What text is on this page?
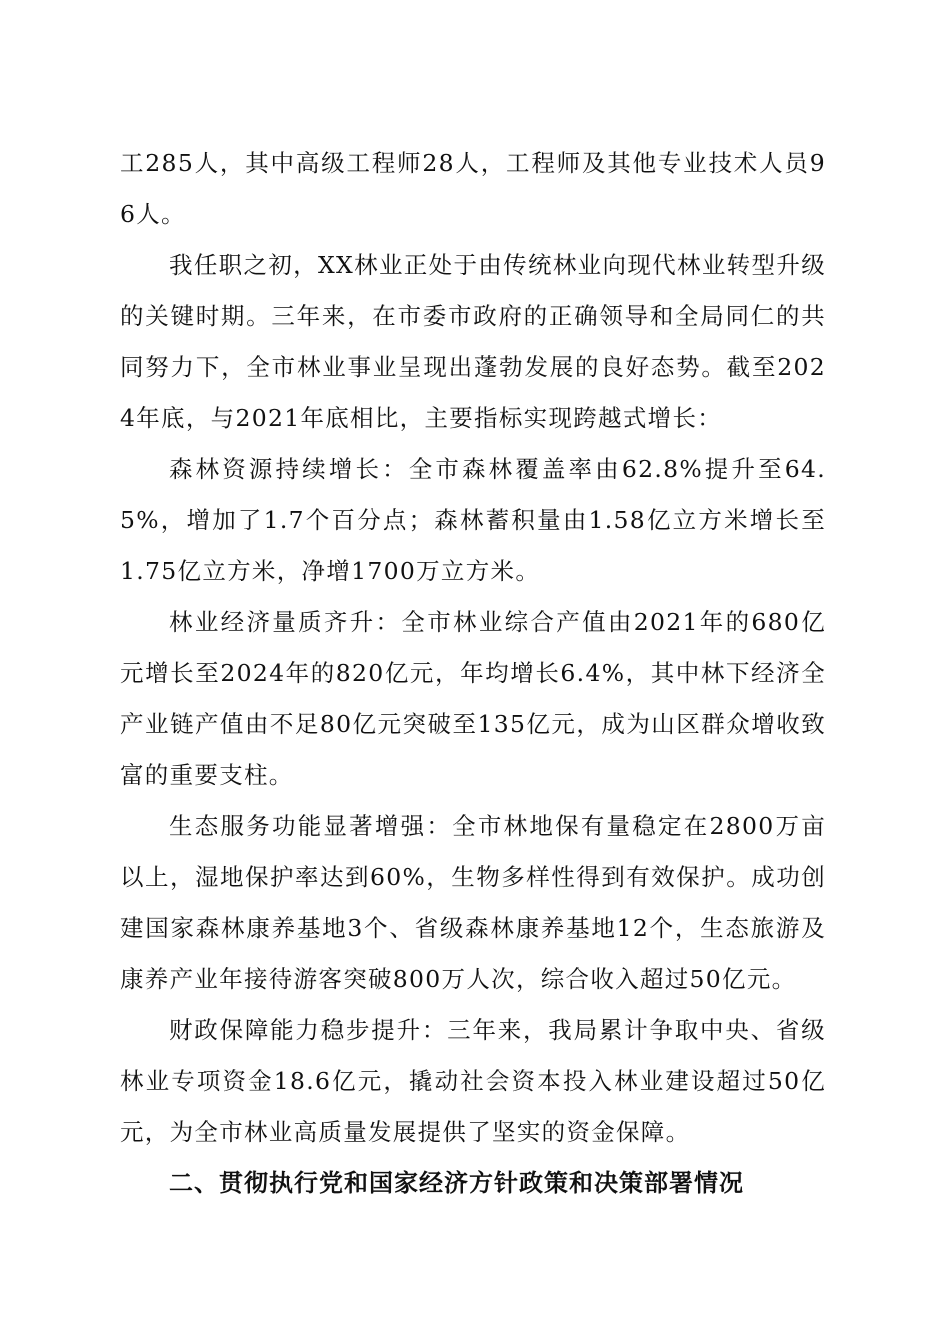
工285人，其中高级工程师28人，工程师及其他专业技术人员96人。

我任职之初，XX林业正处于由传统林业向现代林业转型升级的关键时期。三年来，在市委市政府的正确领导和全局同仁的共同努力下，全市林业事业呈现出蓬勃发展的良好态势。截至2024年底，与2021年底相比，主要指标实现跨越式增长：

森林资源持续增长：全市森林覆盖率由62.8%提升至64.5%，增加了1.7个百分点；森林蓄积量由1.58亿立方米增长至1.75亿立方米，净增1700万立方米。

林业经济量质齐升：全市林业综合产值由2021年的680亿元增长至2024年的820亿元，年均增长6.4%，其中林下经济全产业链产值由不足80亿元突破至135亿元，成为山区群众增收致富的重要支柱。

生态服务功能显著增强：全市林地保有量稳定在2800万亩以上，湿地保护率达到60%，生物多样性得到有效保护。成功创建国家森林康养基地3个、省级森林康养基地12个，生态旅游及康养产业年接待游客突破800万人次，综合收入超过50亿元。

财政保障能力稳步提升：三年来，我局累计争取中央、省级林业专项资金18.6亿元，撬动社会资本投入林业建设超过50亿元，为全市林业高质量发展提供了坚实的资金保障。

二、贯彻执行党和国家经济方针政策和决策部署情况
